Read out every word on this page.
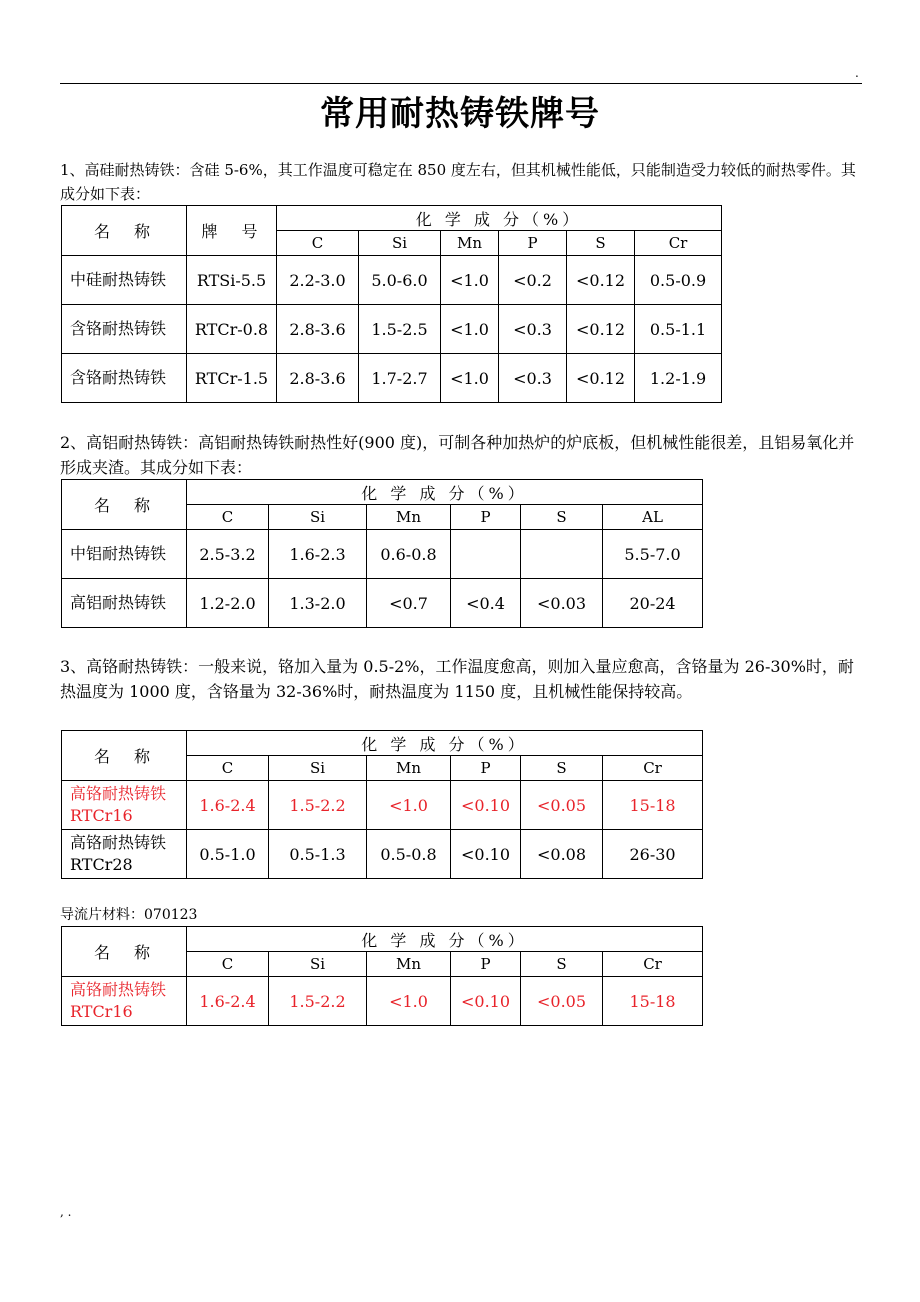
.
常用耐热铸铁牌号

1、高硅耐热铸铁：含硅 5-6%，其工作温度可稳定在 850 度左右，但其机械性能低，只能制造受力较低的耐热零件。其成分如下表：

名　称	牌　号	化 学 成 分（%）					
		C	Si	Mn	P	S	Cr
中硅耐热铸铁	RTSi-5.5	2.2-3.0	5.0-6.0	<1.0	<0.2	<0.12	0.5-0.9
含铬耐热铸铁	RTCr-0.8	2.8-3.6	1.5-2.5	<1.0	<0.3	<0.12	0.5-1.1
含铬耐热铸铁	RTCr-1.5	2.8-3.6	1.7-2.7	<1.0	<0.3	<0.12	1.2-1.9

2、高铝耐热铸铁：高铝耐热铸铁耐热性好(900 度)，可制各种加热炉的炉底板，但机械性能很差，且铝易氧化并形成夹渣。其成分如下表：

名　称	化 学 成 分（%）					
	C	Si	Mn	P	S	AL
中铝耐热铸铁	2.5-3.2	1.6-2.3	0.6-0.8			5.5-7.0
高铝耐热铸铁	1.2-2.0	1.3-2.0	<0.7	<0.4	<0.03	20-24

3、高铬耐热铸铁：一般来说，铬加入量为 0.5-2%，工作温度愈高，则加入量应愈高，含铬量为 26-30%时，耐热温度为 1000 度，含铬量为 32-36%时，耐热温度为 1150 度，且机械性能保持较高。

名　称	化 学 成 分（%）					
	C	Si	Mn	P	S	Cr
高铬耐热铸铁 RTCr16	1.6-2.4	1.5-2.2	<1.0	<0.10	<0.05	15-18
高铬耐热铸铁 RTCr28	0.5-1.0	0.5-1.3	0.5-0.8	<0.10	<0.08	26-30
导流片材料：070123
名　称	化 学 成 分（%）					
	C	Si	Mn	P	S	Cr
高铬耐热铸铁 RTCr16	1.6-2.4	1.5-2.2	<1.0	<0.10	<0.05	15-18
, .
